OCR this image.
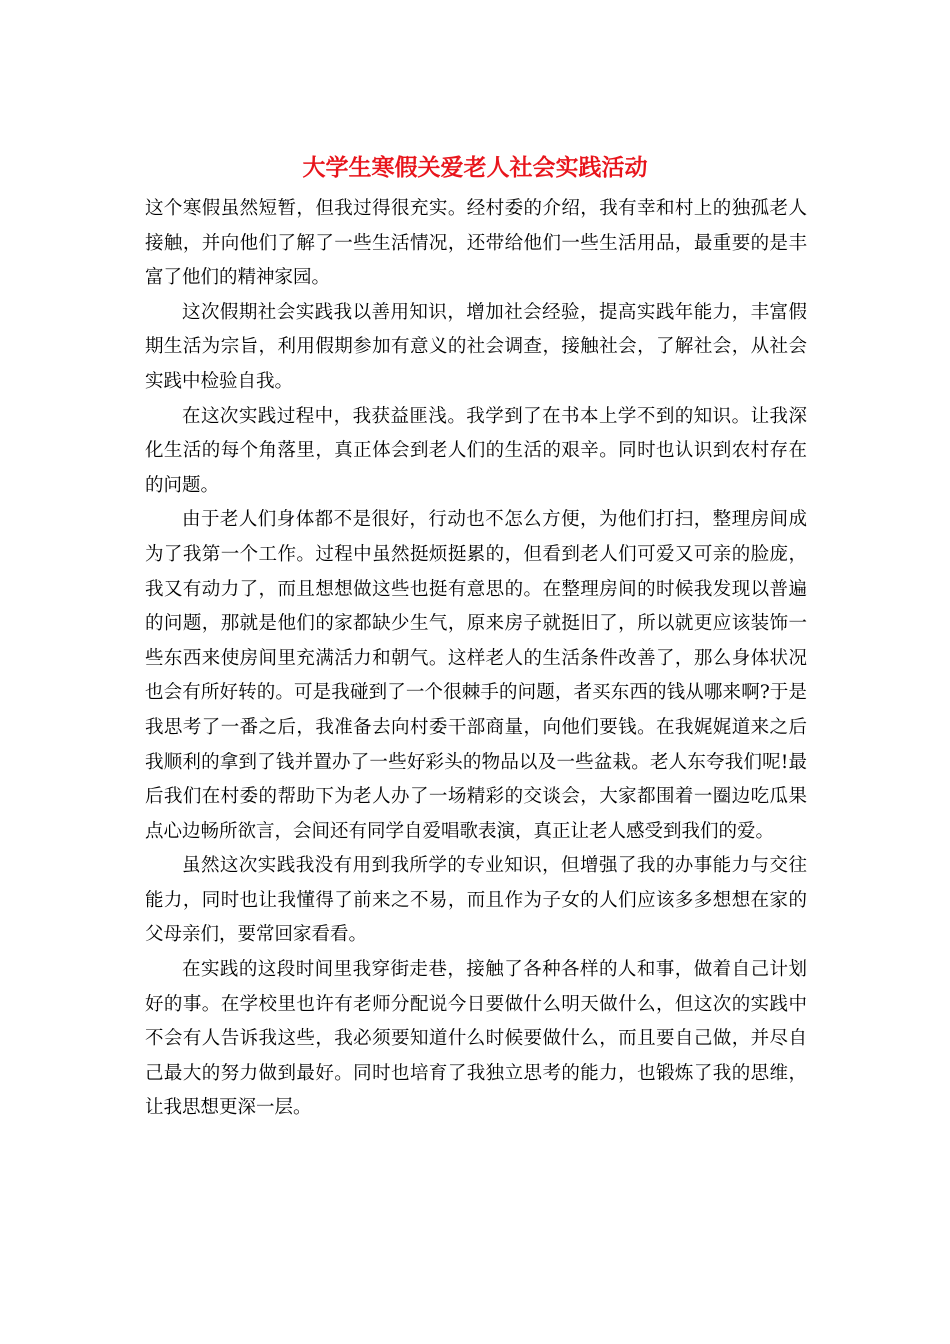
大学生寒假关爱老人社会实践活动

这个寒假虽然短暂，但我过得很充实。经村委的介绍，我有幸和村上的独孤老人接触，并向他们了解了一些生活情况，还带给他们一些生活用品，最重要的是丰富了他们的精神家园。

这次假期社会实践我以善用知识，增加社会经验，提高实践年能力，丰富假期生活为宗旨，利用假期参加有意义的社会调查，接触社会，了解社会，从社会实践中检验自我。

在这次实践过程中，我获益匪浅。我学到了在书本上学不到的知识。让我深化生活的每个角落里，真正体会到老人们的生活的艰辛。同时也认识到农村存在的问题。

由于老人们身体都不是很好，行动也不怎么方便，为他们打扫，整理房间成为了我第一个工作。过程中虽然挺烦挺累的，但看到老人们可爱又可亲的脸庞，我又有动力了，而且想想做这些也挺有意思的。在整理房间的时候我发现以普遍的问题，那就是他们的家都缺少生气，原来房子就挺旧了，所以就更应该装饰一些东西来使房间里充满活力和朝气。这样老人的生活条件改善了，那么身体状况也会有所好转的。可是我碰到了一个很棘手的问题，者买东西的钱从哪来啊?于是我思考了一番之后，我准备去向村委干部商量，向他们要钱。在我娓娓道来之后我顺利的拿到了钱并置办了一些好彩头的物品以及一些盆栽。老人东夸我们呢!最后我们在村委的帮助下为老人办了一场精彩的交谈会，大家都围着一圈边吃瓜果点心边畅所欲言，会间还有同学自爱唱歌表演，真正让老人感受到我们的爱。

虽然这次实践我没有用到我所学的专业知识，但增强了我的办事能力与交往能力，同时也让我懂得了前来之不易，而且作为子女的人们应该多多想想在家的父母亲们，要常回家看看。

在实践的这段时间里我穿街走巷，接触了各种各样的人和事，做着自己计划好的事。在学校里也许有老师分配说今日要做什么明天做什么，但这次的实践中不会有人告诉我这些，我必须要知道什么时候要做什么，而且要自己做，并尽自己最大的努力做到最好。同时也培育了我独立思考的能力，也锻炼了我的思维，让我思想更深一层。
